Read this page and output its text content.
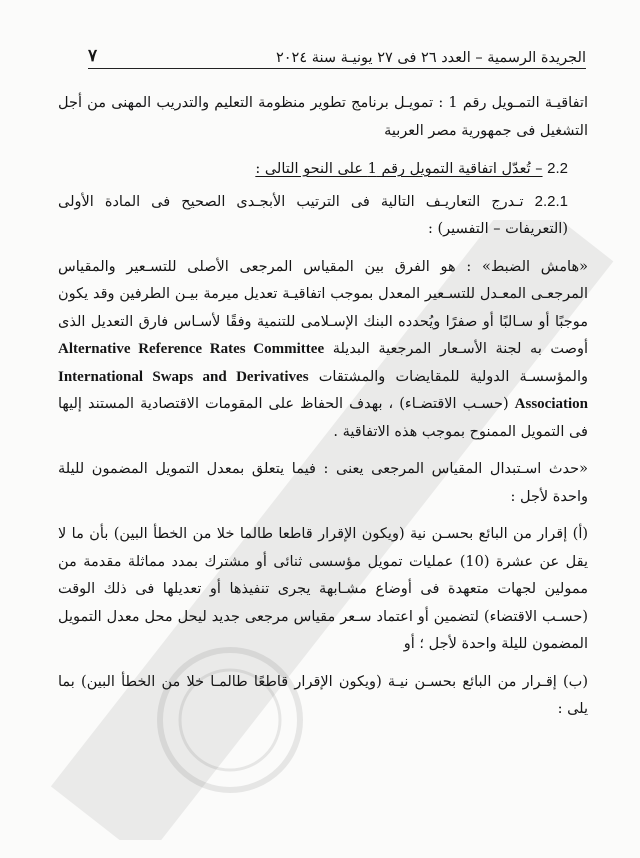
الجريدة الرسمية – العدد ٢٦ فى ٢٧ يونيـة سنة ٢٠٢٤
٧

اتفاقيـة التمـويل رقم 1 : تمويـل برنامج تطوير منظومة التعليم والتدريب المهنى من أجل التشغيل فى جمهورية مصر العربية

2.2 – تُعدّل اتفاقية التمويل رقم 1 على النحو التالى :

2.2.1 تـدرج التعاريـف التالية فى الترتيب الأبجـدى الصحيح فى المادة الأولى (التعريفات – التفسير) :

«هامش الضبط» : هو الفرق بين المقياس المرجعى الأصلى للتسـعير والمقياس المرجعـى المعـدل للتسـعير المعدل بموجب اتفاقيـة تعديل ميرمة بيـن الطرفين وقد يكون موجبًا أو سـالبًا أو صفرًا ويُحدده البنك الإسـلامى للتنمية وفقًا لأسـاس فارق التعديل الذى أوصت به لجنة الأسـعار المرجعية البديلة Alternative Reference Rates Committee والمؤسسـة الدولية للمقايضات والمشتقات International Swaps and Derivatives Association (حسـب الاقتضـاء) ، بهدف الحفاظ على المقومات الاقتصادية المستند إليها فى التمويل الممنوح بموجب هذه الاتفاقية .

«حدث اسـتبدال المقياس المرجعى يعنى : فيما يتعلق بمعدل التمويل المضمون لليلة واحدة لأجل :

(أ) إقرار من البائع بحسـن نية (ويكون الإقرار قاطعا طالما خلا من الخطأ البين) بأن ما لا يقل عن عشرة (10) عمليات تمويل مؤسسى ثنائى أو مشترك بمدد مماثلة مقدمة من ممولين لجهات متعهدة فى أوضاع مشـابهة يجرى تنفيذها أو تعديلها فى ذلك الوقت (حسـب الاقتضاء) لتضمين أو اعتماد سـعر مقياس مرجعى جديد ليحل محل معدل التمويل المضمون لليلة واحدة لأجل ؛ أو

(ب) إقـرار من البائع بحسـن نيـة (ويكون الإقرار قاطعًا طالمـا خلا من الخطأ البين) بما يلى :
